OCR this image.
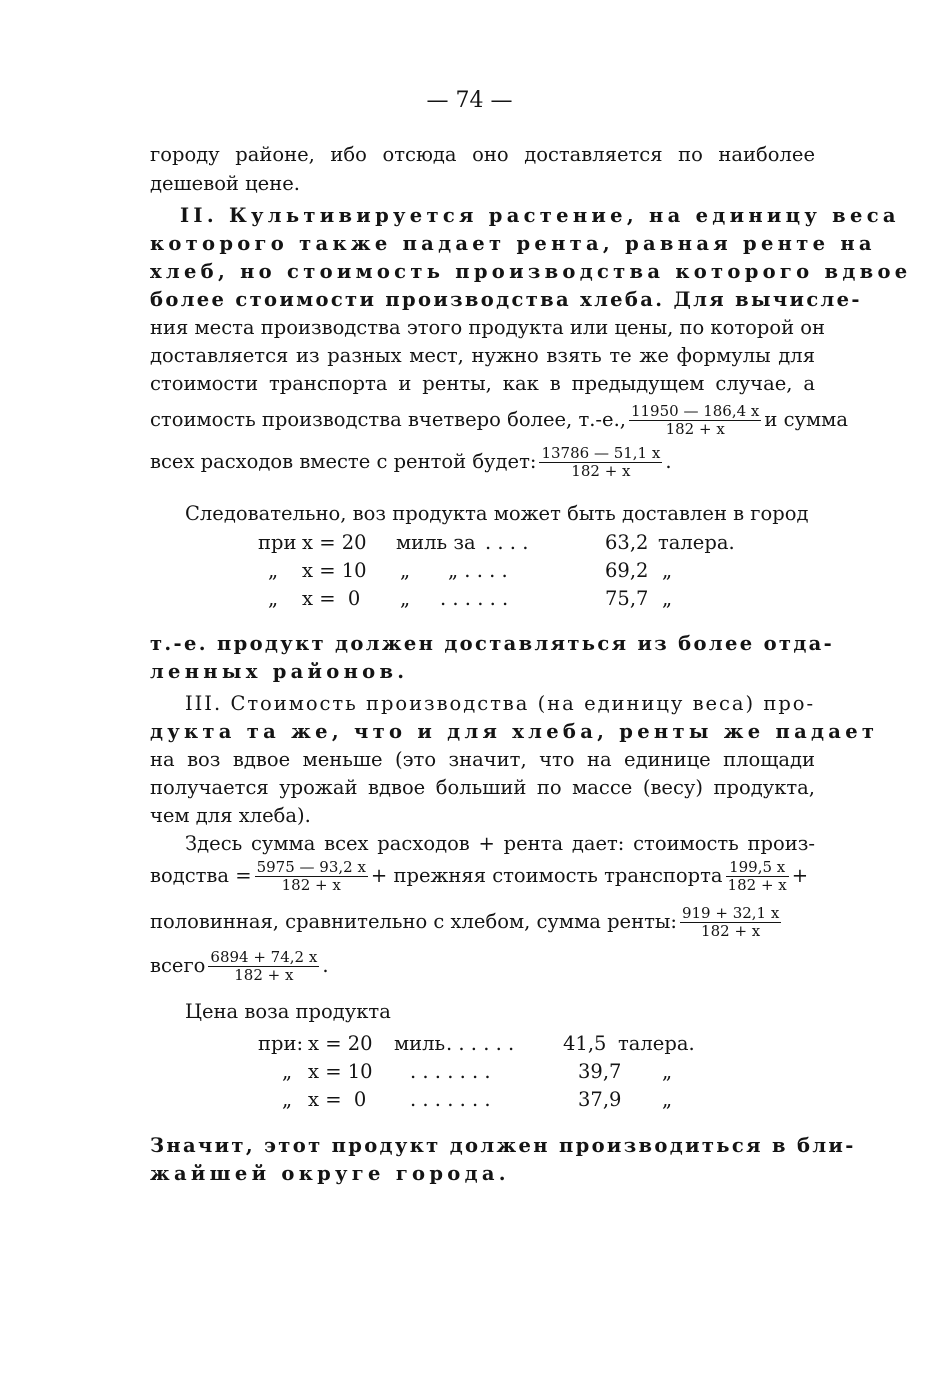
— 74 —
городу районе, ибо отсюда оно доставляется по наиболее
дешевой цене.
II. Культивируется растение, на единицу веса
которого также падает рента, равная ренте на
хлеб, но стоимость производства которого вдвое
более стоимости производства хлеба. Для вычисле-
ния места производства этого продукта или цены, по которой он
доставляется из разных мест, нужно взять те же формулы для
стоимости транспорта и ренты, как в предыдущем случае, а
стоимость производства вчетверо более, т.-е., $\frac{11950 — 186,4 x}{182 + x}$ и сумма
всех расходов вместе с рентой будет: $\frac{13786 — 51,1 x}{182 + x}$ .
Следовательно, воз продукта может быть доставлен в город
при x = 20 миль за . . . .	63,2 талера.
„ x = 10 „ „ . . . .	69,2 „
„ x =  0 „ . . . . . .	75,7 „
т.-е. продукт должен доставляться из более отда-
ленных районов.
III. Стоимость производства (на единицу веса) про-
дукта та же, что и для хлеба, ренты же падает
на воз вдвое меньше (это значит, что на единице площади
получается урожай вдвое больший по массе (весу) продукта,
чем для хлеба).
Здесь сумма всех расходов + рента дает: стоимость произ-
водства = $\frac{5975 — 93,2 x}{182 + x}$ + прежняя стоимость транспорта $\frac{199,5 x}{182 + x}$ +
половинная, сравнительно с хлебом, сумма ренты: $\frac{919 + 32,1 x}{182 + x}$
всего $\frac{6894 + 74,2 x}{182 + x}$ .
Цена воза продукта
при: x = 20 миль . . . . . .	41,5 талера.
„ x = 10 . . . . . . .	39,7 „
„ x =  0 . . . . . . .	37,9 „
Значит, этот продукт должен производиться в бли-
жайшей округе города.
